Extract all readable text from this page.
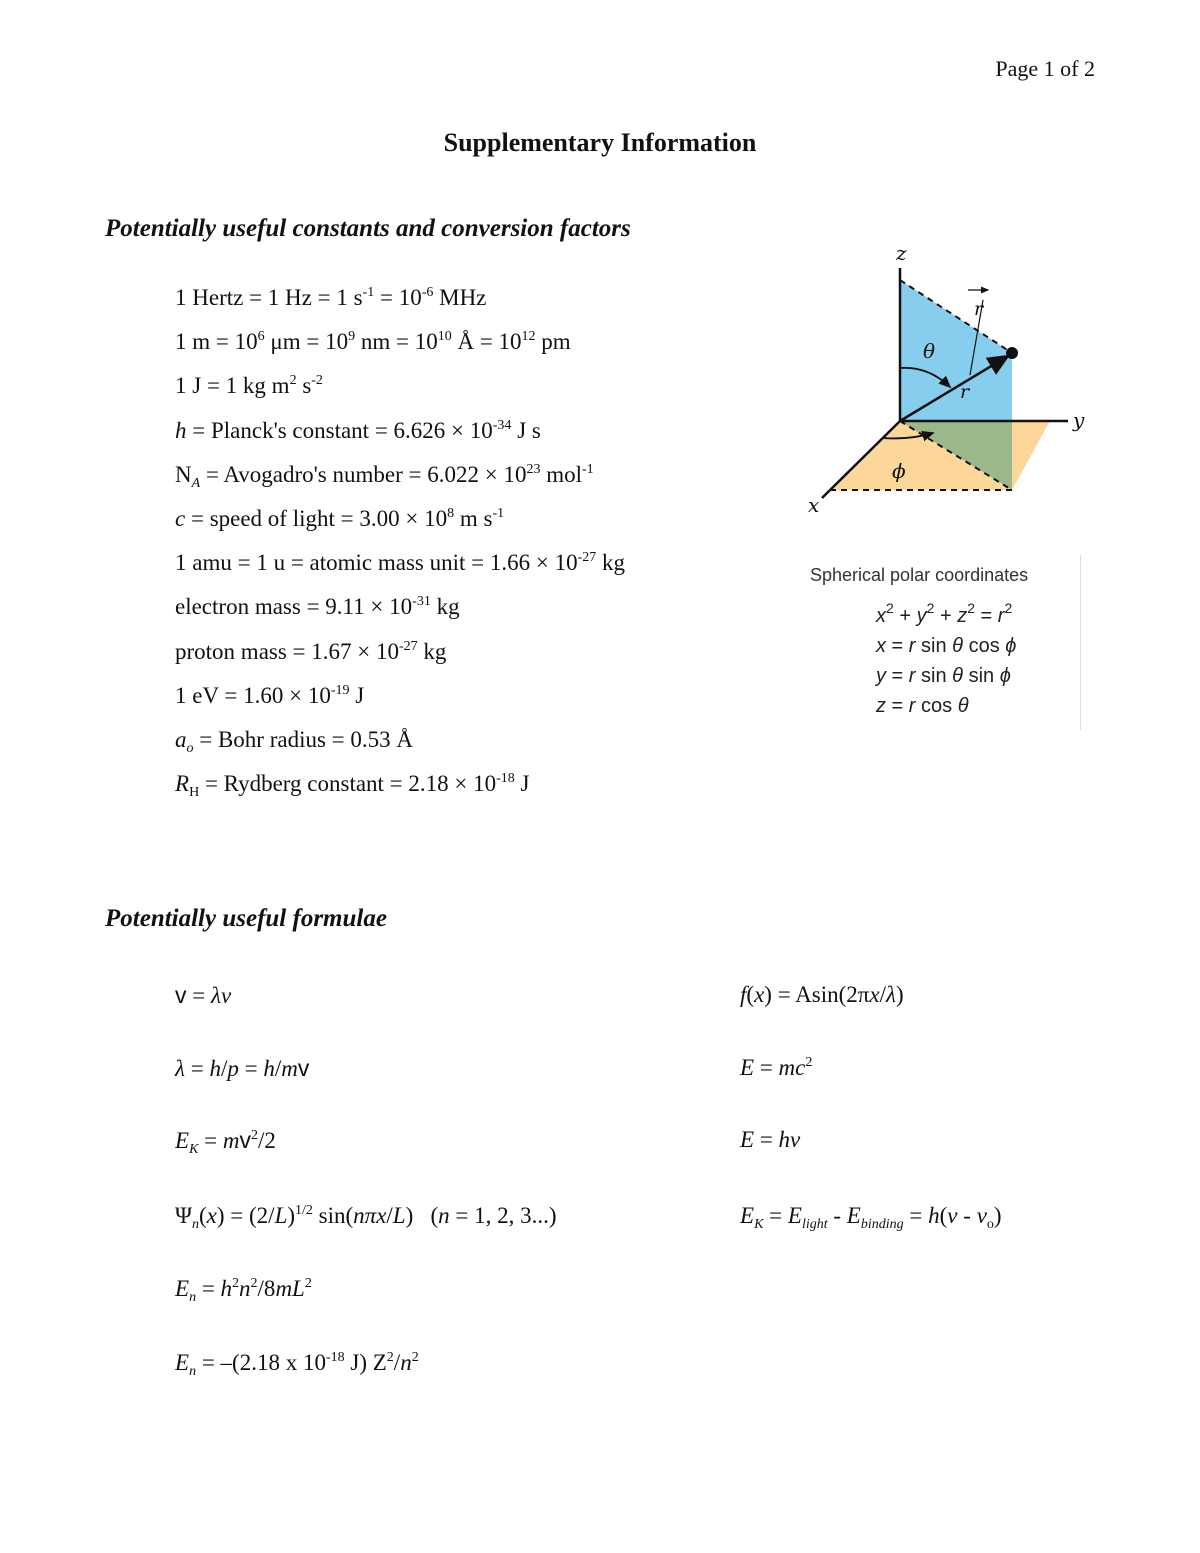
Page 1 of 2
Supplementary Information
Potentially useful constants and conversion factors
1 Hertz = 1 Hz = 1 $s^{-1} = 10^{-6}$ MHz
1 $m = 10^6$ $\mu m = 10^9$ nm = $10^{10}$ Å = $10^{12}$ pm
1 J = 1 kg $m^2$ $s^{-2}$
h = Planck's constant = $6.626 \times 10^{-34}$ J s
$N_A$ = Avogadro's number = $6.022 \times 10^{23}$ mol$^{-1}$
c = speed of light = $3.00 \times 10^8$ m $s^{-1}$
1 amu = 1 u = atomic mass unit = $1.66 \times 10^{-27}$ kg
electron mass = $9.11 \times 10^{-31}$ kg
proton mass = $1.67 \times 10^{-27}$ kg
1 eV = $1.60 \times 10^{-19}$ J
$a_o$ = Bohr radius = 0.53 Å
$R_H$ = Rydberg constant = $2.18 \times 10^{-18}$ J
z
y
x
r
r
θ
ϕ
Spherical polar coordinates
$x^2 + y^2 + z^2 = r^2$
x = r sin θ cos ϕ
y = r sin θ sin ϕ
z = r cos θ
Potentially useful formulae
v = λν
λ = h/p = h/mv
$E_K = mv^2/2$
$\Psi_n(x) = (2/L)^{1/2}$ sin(nπx/L)   (n = 1, 2, 3...)
$E_n = h^2n^2/8mL^2$
$E_n = -(2.18$ x $10^{-18}$ J) $Z^2/n^2$
f(x) = Asin(2πx/λ)
$E = mc^2$
E = hν
$E_K = E_{light} - E_{binding} = h(\nu - \nu_o)$
